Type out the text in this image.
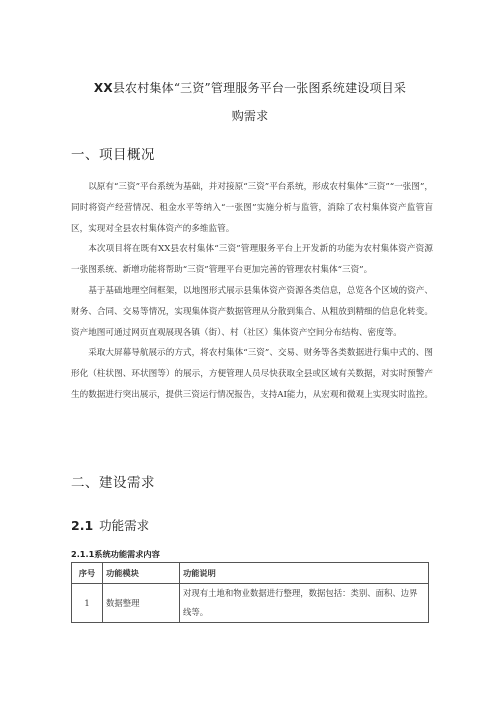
XX县农村集体“三资”管理服务平台一张图系统建设项目采
购需求
一、项目概况

以原有“三资”平台系统为基础，并对接原“三资”平台系统，形成农村集体“三资”“一张图”，同时将资产经营情况、租金水平等纳入“一张图”实施分析与监管，消除了农村集体资产监管盲区，实现对全县农村集体资产的多维监管。

本次项目将在既有XX县农村集体“三资”管理服务平台上开发新的功能为农村集体资产资源一张图系统、新增功能将帮助“三资”管理平台更加完善的管理农村集体“三资”。

基于基础地理空间框架，以地图形式展示县集体资产资源各类信息，总览各个区域的资产、财务、合同、交易等情况，实现集体资产数据管理从分散到集合、从粗放到精细的信息化转变。资产地图可通过网页直观展现各镇（街）、村（社区）集体资产空间分布结构、密度等。

采取大屏幕导航展示的方式，将农村集体“三资”、交易、财务等各类数据进行集中式的、图形化（柱状图、环状图等）的展示，方便管理人员尽快获取全县或区域有关数据，对实时预警产生的数据进行突出展示，提供三资运行情况报告，支持AI能力，从宏观和微观上实现实时监控。

二、建设需求
2.1 功能需求
2.1.1系统功能需求内容
序号	功能模块	功能说明
1	数据整理	对现有土地和物业数据进行整理，数据包括：类别、面积、边界线等。
